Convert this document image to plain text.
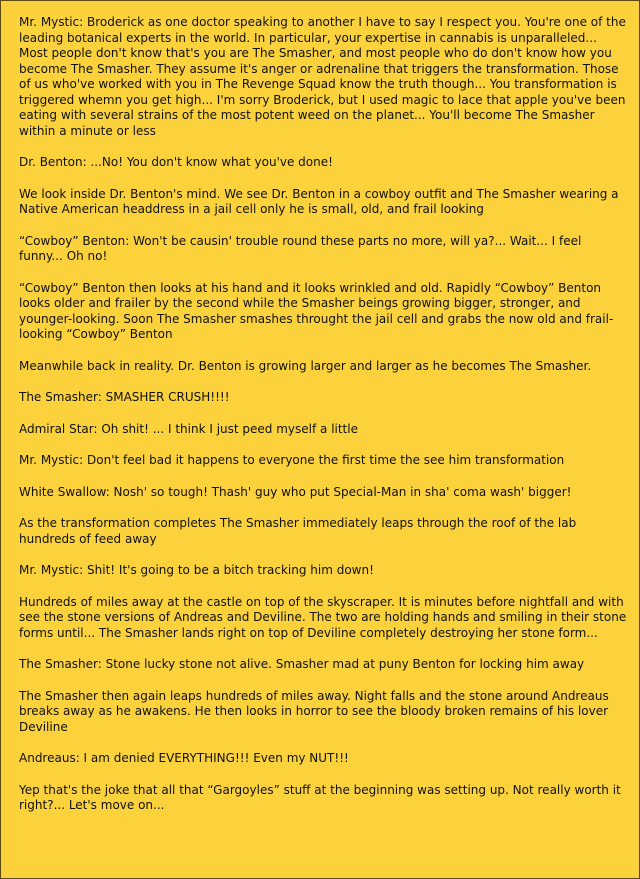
Mr. Mystic: Broderick as one doctor speaking to another I have to say I respect you. You're one of the leading botanical experts in the world. In particular, your expertise in cannabis is unparalleled... Most people don't know that's you are The Smasher, and most people who do don't know how you become The Smasher. They assume it's anger or adrenaline that triggers the transformation. Those of us who've worked with you in The Revenge Squad know the truth though... You transformation is triggered whemn you get high... I'm sorry Broderick, but I used magic to lace that apple you've been eating with several strains of the most potent weed on the planet... You'll become The Smasher within a minute or less

Dr. Benton: ...No! You don't know what you've done!

We look inside Dr. Benton's mind. We see Dr. Benton in a cowboy outfit and The Smasher wearing a Native American headdress in a jail cell only he is small, old, and frail looking

“Cowboy” Benton: Won't be causin' trouble round these parts no more, will ya?... Wait... I feel funny... Oh no!

“Cowboy” Benton then looks at his hand and it looks wrinkled and old. Rapidly “Cowboy” Benton looks older and frailer by the second while the Smasher beings growing bigger, stronger, and younger-looking. Soon The Smasher smashes throught the jail cell and grabs the now old and frail-looking “Cowboy” Benton

Meanwhile back in reality. Dr. Benton is growing larger and larger as he becomes The Smasher.

The Smasher: SMASHER CRUSH!!!!

Admiral Star: Oh shit! ... I think I just peed myself a little

Mr. Mystic: Don't feel bad it happens to everyone the first time the see him transformation

White Swallow: Nosh' so tough! Thash' guy who put Special-Man in sha' coma wash' bigger!

As the transformation completes The Smasher immediately leaps through the roof of the lab hundreds of feed away

Mr. Mystic: Shit! It's going to be a bitch tracking him down!

Hundreds of miles away at the castle on top of the skyscraper. It is minutes before nightfall and with see the stone versions of Andreas and Deviline. The two are holding hands and smiling in their stone forms until... The Smasher lands right on top of Deviline completely destroying her stone form...

The Smasher: Stone lucky stone not alive. Smasher mad at puny Benton for locking him away

The Smasher then again leaps hundreds of miles away. Night falls and the stone around Andreaus breaks away as he awakens. He then looks in horror to see the bloody broken remains of his lover Deviline

Andreaus: I am denied EVERYTHING!!! Even my NUT!!!

Yep that's the joke that all that “Gargoyles” stuff at the beginning was setting up. Not really worth it right?... Let's move on...
